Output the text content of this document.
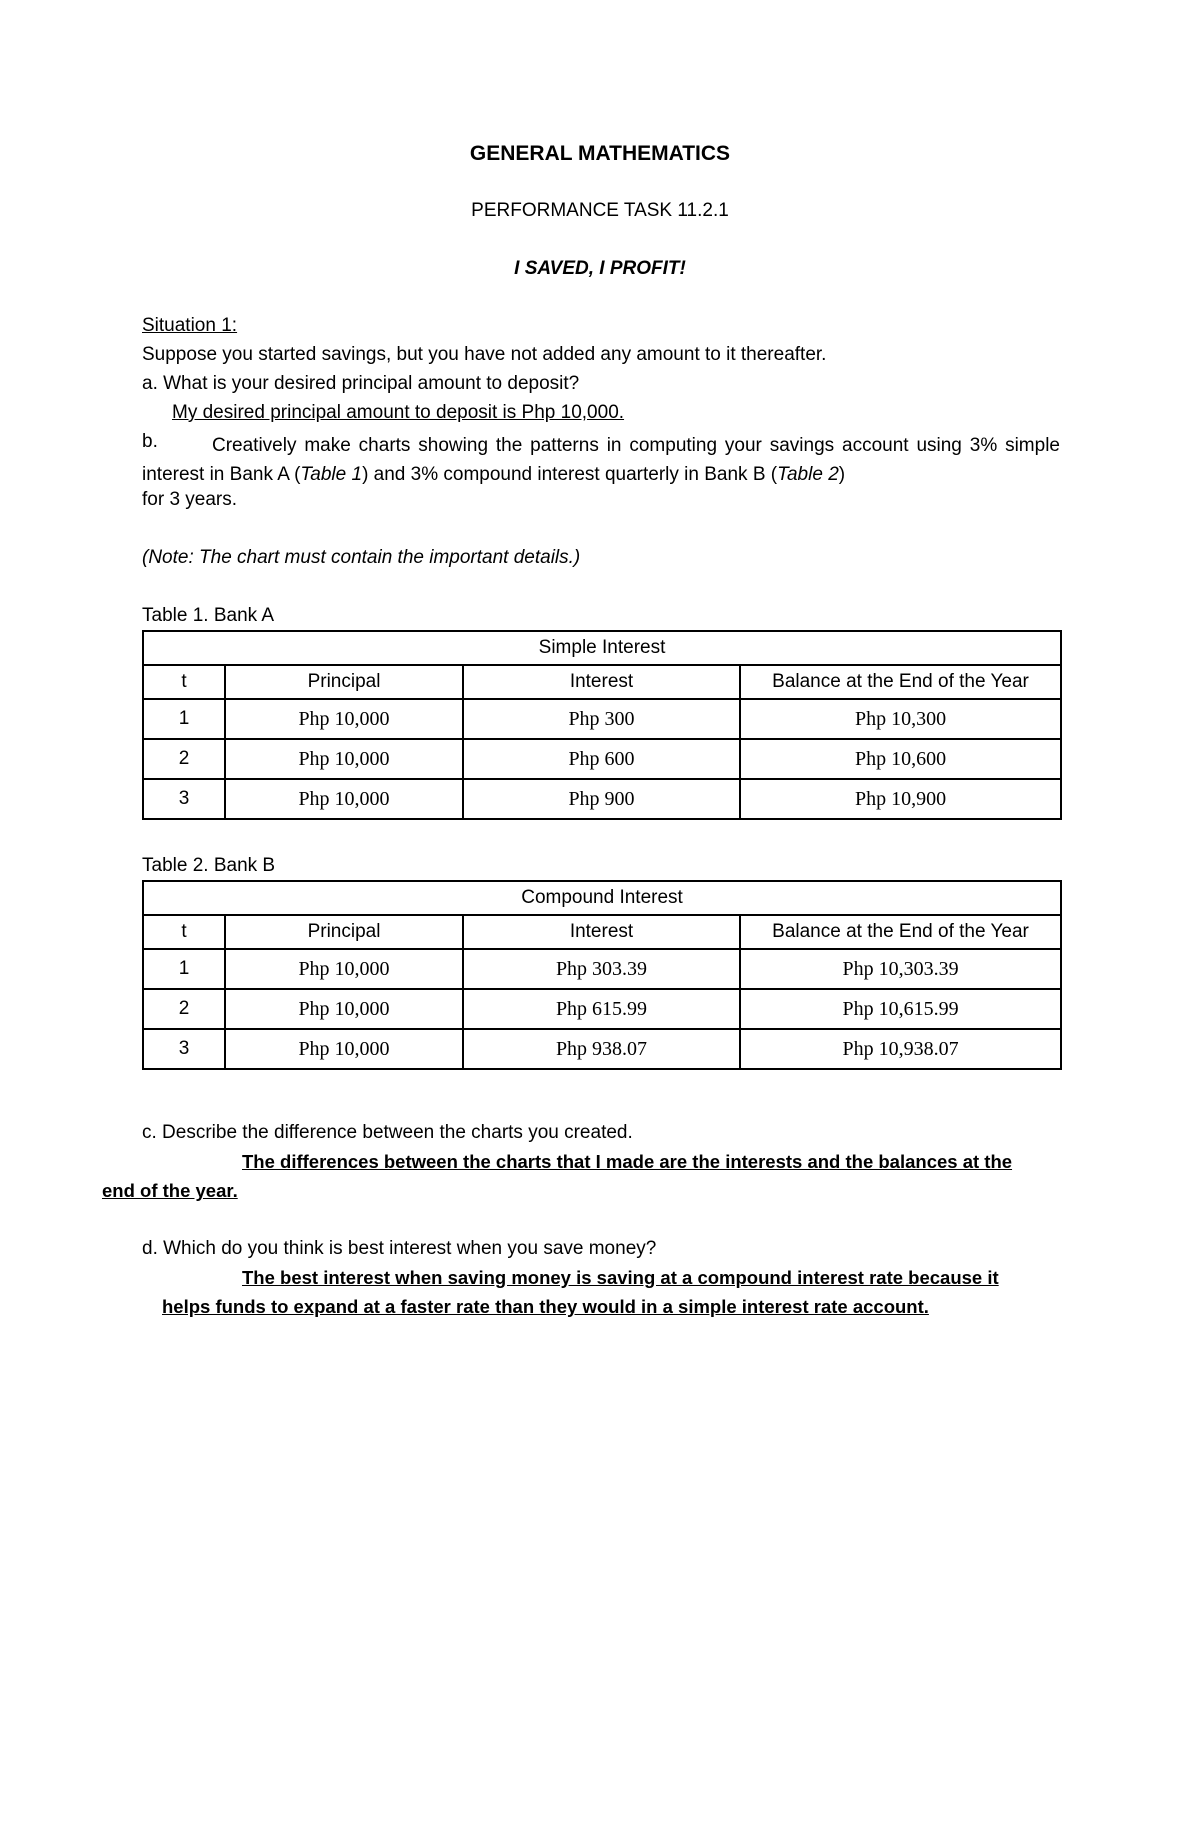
GENERAL MATHEMATICS
PERFORMANCE TASK 11.2.1
I SAVED, I PROFIT!
Situation 1:
Suppose you started savings, but you have not added any amount to it thereafter.
a. What is your desired principal amount to deposit?
My desired principal amount to deposit is Php 10,000.
b.	Creatively make charts showing the patterns in computing your savings account using 3% simple interest in Bank A (Table 1) and 3% compound interest quarterly in Bank B (Table 2)
for 3 years.
(Note: The chart must contain the important details.)
Table 1. Bank A
Simple Interest			
t	Principal	Interest	Balance at the End of the Year
1	Php 10,000	Php 300	Php 10,300
2	Php 10,000	Php 600	Php 10,600
3	Php 10,000	Php 900	Php 10,900
Table 2. Bank B
Compound Interest			
t	Principal	Interest	Balance at the End of the Year
1	Php 10,000	Php 303.39	Php 10,303.39
2	Php 10,000	Php 615.99	Php 10,615.99
3	Php 10,000	Php 938.07	Php 10,938.07
c. Describe the difference between the charts you created.
The differences between the charts that I made are the interests and the balances at the
end of the year.
d. Which do you think is best interest when you save money?
The best interest when saving money is saving at a compound interest rate because it
helps funds to expand at a faster rate than they would in a simple interest rate account.
